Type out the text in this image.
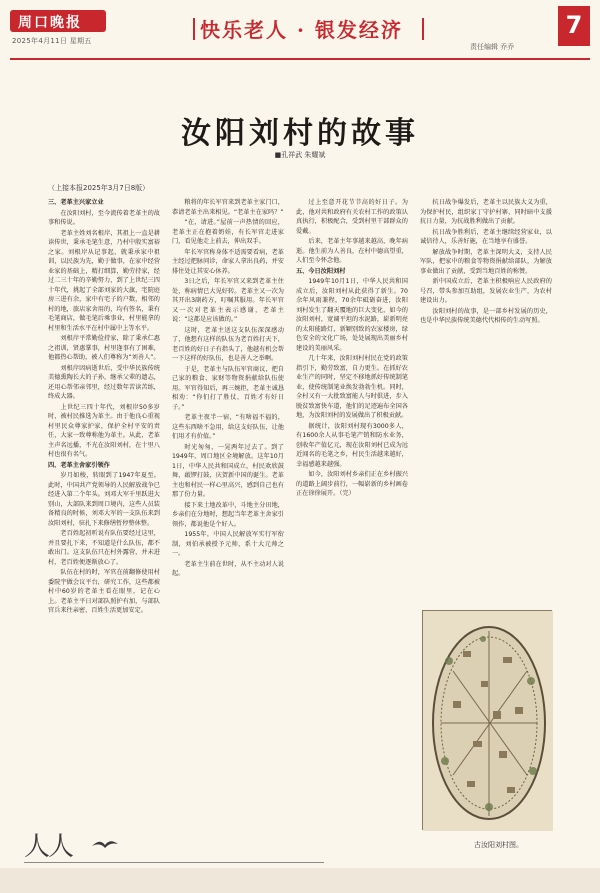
周口晚报
2025年4月11日 星期五	快乐老人 · 银发经济
责任编辑 乔乔
7
汝阳刘村的故事
■孔祥武 朱耀斌
（上接本报2025年3月7日8版）

三、老革主兴家立业

在汝阳刘村，至今流传着老革主的故事和传说。

老革主姓刘名根岸，其祖上一直是耕读传世，秉承毛笔生意，乃村中殷实富裕之家。刘根岸从记事起，就秉承家中祖训，以民族为先，勤于做事，在家中经营业家的基础上，精打细算，勤劳持家，经过二三十年的辛勤努力，到了上世纪三四十年代，挑起了全部刘家的大旗，宅院庭房三进有余，家中有宅子的户数，相邻的村的地，旅店家舍用的，均有签名，秉有毛笔商店，做毛笔后乘事业，村里能拿的村里和生活水平在村中属中上等水平。

刘根岸平常勤俭持家，除了秉承仁惠之祖训，贤惠掌事，村里逢事有了困难，他都热心帮助，被人们尊称为“刘善人”。

刘根岸因病逝世后，受中华民族传统美德熏陶长大的子孙，继承父辈的遗志，还用心帮邻亲邻里，经过数年苦读苦练，终成大器。

上世纪三四十年代，刘根岸50多岁时，被村民推选为革主。由于他良心重视村里民众尊家护家，保护全村平安的责任，大家一致尊称他为革主。从此，老革主声名远播，不光在汝阳刘村，在十里八村也很有名气。

四、老革主舍家引领作

岁月如梭，转眼到了1947年夏至。此时，中国共产党领导的人民解放战争已经进入第二个年头。刘邓大军千里跃进大别山，大部队来到周口境内，这些人员装备精良的时候，刘邓大军的一支队伍来到汝阳刘村，驻扎下来修缮暂停整休整。

老百姓起初听说有队伍要经过这里，并且要扎下来，不知道是什么队伍，都不敢出门。这支队伍只在村外露营，并未进村，老百姓便逐渐放心了。

队伍在村的时，军官在前翻修使用村委院宇做会议平台，研究工作，这些都被村中60岁的老革主看在眼里，记在心上。老革主平日对部队照护有加，与部队官兵来往亲密，百姓生活更加安定。

粮将的年长军官来到老革主家门口，恭请老革主出来相见。“老革主在家吗？”

“在，请进。”屋前一声热情的回应，老革主正在抱着奶娃，有长军官走进家门，看见他走上前去，伸出双手。

年长军官称身体不适需要看病，老革主经过把脉问诊，命家人拿出良药，并安排住处让其安心休养。

3日之后，年长军官又来到老革主住处，称病情已大见好转。老革主又一次为其开出3副药方，叮嘱其服用。年长军官又一次对老革主表示感谢，老革主说：“这都是应该做的。”

这时，老革主送这支队伍深深感动了，他想有这样的队伍为老百姓打天下，老百姓的好日子有指头了，他越有机会帮一下这样的好队伍，也是善人之举啊。

于是，老革主与队伍军官商议，把自己家的粮食、家财等物资捐献给队伍使用。军官得知后，再三婉拒，老革主诚恳相劝：“你们打了胜仗，百姓才有好日子。”

老革主夜半一宿，“有啥福不福的，这些东西啥不急用，给这支好队伍，让他们用才有价值。”

时光匆匆，一晃两年过去了。到了1949年，周口地区全境解放。这年10月1日，中华人民共和国成立，村民欢欣鼓舞，敲锣打鼓，庆贺新中国的诞生。老革主也和村民一样心里高兴，感到自己也有那了份力量。

接下来土地改革中，斗地主分田地，乡亲们在分地时，想起当年老革主舍家引领作，都说他是个好人。

1955年，中国人民解放军实行军衔制，刘伯承被授予元帅，系十大元帅之一。

老革主生前在世时，从不主动对人说起。

过上至意开花节节高的好日子。为此，他对共和政府有关农村工作的政策认真执行，积极配合，受到村里干部群众的爱戴。

后来，老革主年事越来越高，晚年病逝。他生前为人善良，在村中德高望重，人们至今怀念他。

五、今日汝阳刘村

1949年10月1日，中华人民共和国成立后，汝阳刘村从此获得了新生。70余年风雨兼程，70余年砥砺奋进，汝阳刘村发生了翻天覆地的巨大变化，如今的汝阳刘村，宽阔平坦的水泥路，崭新明亮的太阳能路灯，新颖别致的农家楼房，绿色安全的文化广场，处处展现出美丽乡村建设的美丽风采。

几十年来，汝阳刘村村民在党的政策指引下，勤劳致富，自力更生。在抓好农业生产的同时，坚定不移地抓好传统制笔业，使传统制笔业焕发勃勃生机。同时，全村又有一大批致富能人与时俱进，步入脱贫致富快车道，他们的足迹遍布全国各地，为汝阳刘村的发展做出了积极贡献。

据统计，汝阳刘村现有3000多人，有1600余人从事毛笔产销和防水业务，创收年产值亿元，现在汝阳刘村已成为远近闻名的毛笔之乡，村民生活越来越好，幸福感越来越强。

如今，汝阳刘村乡亲们正在乡村振兴的道路上阔步前行，一幅崭新的乡村画卷正在徐徐展开。（完）

抗日战争爆发后，老革主以民族大义为重，为保护村民，组织家丁守护村寨，同时暗中支援抗日力量，为抗战胜利做出了贡献。

抗日战争胜利后，老革主继续经营家业，以诚信待人，乐善好施，在当地享有盛誉。

解放战争时期，老革主深明大义，支持人民军队，把家中的粮食等物资捐献给部队，为解放事业做出了贡献，受到当地百姓的称赞。

新中国成立后，老革主积极响应人民政府的号召，带头参加互助组，发展农业生产，为农村建设出力。

汝阳刘村的故事，是一部乡村发展的历史，也是中华民族传统美德代代相传的生动写照。

古汝阳刘村图。
人人
